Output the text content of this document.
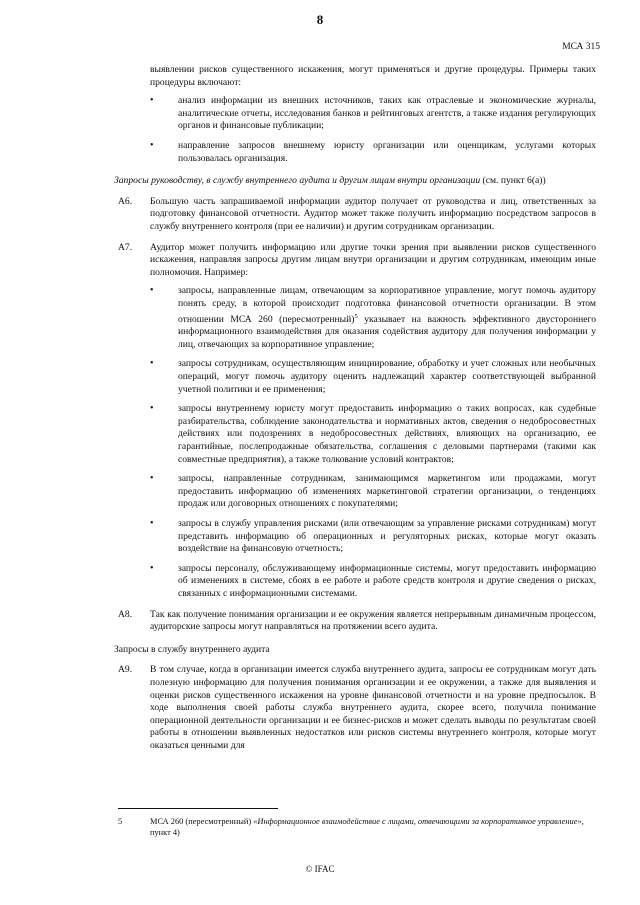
8
МСА 315

выявлении рисков существенного искажения, могут применяться и другие процедуры. Примеры таких процедуры включают:

•	анализ информации из внешних источников, таких как отраслевые и экономические журналы, аналитические отчеты, исследования банков и рейтинговых агентств, а также издания регулирующих органов и финансовые публикации;
•	направление запросов внешнему юристу организации или оценщикам, услугами которых пользовалась организация.
Запросы руководству, в службу внутреннего аудита и другим лицам внутри организации (см. пункт 6(а))
А6. Большую часть запрашиваемой информации аудитор получает от руководства и лиц, ответственных за подготовку финансовой отчетности. Аудитор может также получить информацию посредством запросов в службу внутреннего контроля (при ее наличии) и другим сотрудникам организации.

А7. Аудитор может получить информацию или другие точки зрения при выявлении рисков существенного искажения, направляя запросы другим лицам внутри организации и другим сотрудникам, имеющим иные полномочия. Например:

•	запросы, направленные лицам, отвечающим за корпоративное управление, могут помочь аудитору понять среду, в которой происходит подготовка финансовой отчетности организации. В этом отношении МСА 260 (пересмотренный)$^5$ указывает на важность эффективного двустороннего информационного взаимодействия для оказания содействия аудитору для получения информации у лиц, отвечающих за корпоративное управление;
•	запросы сотрудникам, осуществляющим инициирование, обработку и учет сложных или необычных операций, могут помочь аудитору оценить надлежащий характер соответствующей выбранной учетной политики и ее применения;
•	запросы внутреннему юристу могут предоставить информацию о таких вопросах, как судебные разбирательства, соблюдение законодательства и нормативных актов, сведения о недобросовестных действиях или подозрениях в недобросовестных действиях, влияющих на организацию, ее гарантийные, послепродажные обязательства, соглашения с деловыми партнерами (такими как совместные предприятия), а также толкование условий контрактов;
•	запросы, направленные сотрудникам, занимающимся маркетингом или продажами, могут предоставить информацию об изменениях маркетинговой стратегии организации, о тенденциях продаж или договорных отношениях с покупателями;
•	запросы в службу управления рисками (или отвечающим за управление рисками сотрудникам) могут представить информацию об операционных и регуляторных рисках, которые могут оказать воздействие на финансовую отчетность;
•	запросы персоналу, обслуживающему информационные системы, могут предоставить информацию об изменениях в системе, сбоях в ее работе и работе средств контроля и другие сведения о рисках, связанных с информационными системами.
А8. Так как получение понимания организации и ее окружения является непрерывным динамичным процессом, аудиторские запросы могут направляться на протяжении всего аудита.

Запросы в службу внутреннего аудита
А9. В том случае, когда в организации имеется служба внутреннего аудита, запросы ее сотрудникам могут дать полезную информацию для получения понимания организации и ее окружении, а также для выявления и оценки рисков существенного искажения на уровне финансовой отчетности и на уровне предпосылок. В ходе выполнения своей работы служба внутреннего аудита, скорее всего, получила понимание операционной деятельности организации и ее бизнес-рисков и может сделать выводы по результатам своей работы в отношении выявленных недостатков или рисков системы внутреннего контроля, которые могут оказаться ценными для

5	МСА 260 (пересмотренный) «Информационное взаимодействие с лицами, отвечающими за корпоративное управление», пункт 4)
© IFAC
